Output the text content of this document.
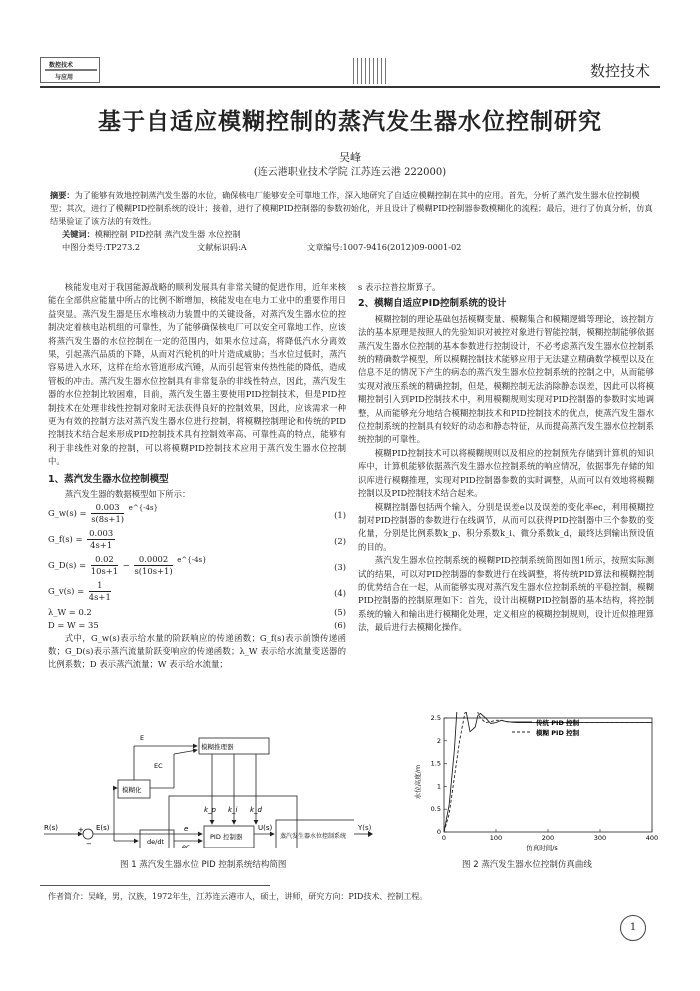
数控技术
与应用	数控技术
基于自适应模糊控制的蒸汽发生器水位控制研究
吴峰
(连云港职业技术学院 江苏连云港 222000)
摘要：为了能够有效地控制蒸汽发生器的水位，确保核电厂能够安全可靠地工作，深入地研究了自适应模糊控制在其中的应用。首先，分析了蒸汽发生器水位控制模型；其次，进行了模糊PID控制系统的设计；接着，进行了模糊PID控制器的参数初始化，并且设计了模糊PID控制器参数模糊化的流程；最后，进行了仿真分析，仿真结果验证了该方法的有效性。
关键词：模糊控制 PID控制 蒸汽发生器 水位控制
中图分类号:TP273.2	文献标识码:A	文章编号:1007-9416(2012)09-0001-02

核能发电对于我国能源战略的顺利发展具有非常关键的促进作用，近年来核能在全部供应能量中所占的比例不断增加，核能发电在电力工业中的重要作用日益突显。蒸汽发生器是压水堆核动力装置中的关键设备，对蒸汽发生器水位的控制决定着核电站机组的可靠性，为了能够确保核电厂可以安全可靠地工作，应该将蒸汽发生器的水位控制在一定的范围内，如果水位过高，将降低汽水分离效果，引起蒸汽品质的下降，从而对汽轮机的叶片造成威胁；当水位过低时，蒸汽容易进入水环，这样在给水管道形成汽锤，从而引起管束传热性能的降低，造成管板的冲击。蒸汽发生器水位控制具有非常复杂的非线性特点，因此，蒸汽发生器的水位控制比较困难，目前，蒸汽发生器主要使用PID控制技术，但是PID控制技术在处理非线性控制对象时无法获得良好的控制效果，因此，应该需求一种更为有效的控制方法对蒸汽发生器水位进行控制，将模糊控制理论和传统的PID控制技术结合起来形成PID控制技术具有控制效率高、可靠性高的特点，能够有利于非线性对象的控制，可以将模糊PID控制技术应用于蒸汽发生器水位控制中。

1、蒸汽发生器水位控制模型

蒸汽发生器的数据模型如下所示：

G_w(s) = $\frac{0.003}{s(8s+1)} ^{e\^{}\{-4s\}}$
(1)
G_f(s) = $\frac{0.003}{4s+1}$	(2)
G_D(s) = $\frac{0.02}{10s+1} - \frac{0.0002}{s(10s+1)} ^{e\^{}\{-4s\}}$
(3)
G_v(s) = $\frac{1}{4s+1}$	(4)
λ_W = 0.2	(5)
D = W = 35	(6)

式中，G_w(s)表示给水量的阶跃响应的传递函数；G_f(s)表示前馈传递函数；G_D(s)表示蒸汽流量阶跃变响应的传递函数；λ_W 表示给水流量变送器的比例系数；D 表示蒸汽流量；W 表示给水流量；

s 表示拉普拉斯算子。
2、模糊自适应PID控制系统的设计

模糊控制的理论基础包括模糊变量、模糊集合和模糊逻辑等理论，该控制方法的基本原理是按照人的先验知识对被控对象进行智能控制，模糊控制能够依据蒸汽发生器水位控制的基本参数进行控制设计，不必考虑蒸汽发生器水位控制系统的精确数学模型，所以模糊控制技术能够应用于无法建立精确数学模型以及在信息不足的情况下产生的病态的蒸汽发生器水位控制系统的控制之中，从而能够实现对液压系统的精确控制，但是，模糊控制无法消除静态误差，因此可以将模糊控制引入到PID控制技术中，利用模糊规则实现对PID控制器的参数时实地调整，从而能够充分地结合模糊控制技术和PID控制技术的优点，使蒸汽发生器水位控制系统的控制具有较好的动态和静态特征，从而提高蒸汽发生器水位控制系统控制的可靠性。

模糊PID控制技术可以将模糊规则以及相应的控制预先存储到计算机的知识库中，计算机能够依据蒸汽发生器水位控制系统的响应情况，依据事先存储的知识库进行模糊推理，实现对PID控制器参数的实时调整，从而可以有效地将模糊控制以及PID控制技术结合起来。

模糊控制器包括两个输入，分别是误差e以及误差的变化率ec，利用模糊控制对PID控制器的参数进行在线调节，从而可以获得PID控制器中三个参数的变化量，分别是比例系数k_p、积分系数k_i、微分系数k_d，最终达到输出预设值的目的。

蒸汽发生器水位控制系统的模糊PID控制系统简图如图1所示，按照实际测试的结果，可以对PID控制器的参数进行在线调整，将传统PID算法和模糊控制的优势结合在一起，从而能够实现对蒸汽发生器水位控制系统的平稳控制，模糊PID控制器的控制原理如下：首先，设计出模糊PID控制器的基本结构，将控制系统的输入和输出进行模糊化处理，定义相应的模糊控制规则，设计近似推理算法，最后进行去模糊化操作。

模糊推理器
E
EC
模糊化
k_p k_i k_d
R(s)	E(s)	e	U(s)
PID 控制器	蒸汽发生器水位控制系统
de/dt
ec
+
−
Y(s)
图 1 蒸汽发生器水位 PID 控制系统结构简图
0	100	200	300	400
0
0.5
1
1.5
2
2.5
传统 PID 控制
模糊 PID 控制
水位高度/m
仿真时间/s
图 2 蒸汽发生器水位控制仿真曲线
作者简介：吴峰，男，汉族，1972年生，江苏连云港市人，硕士，讲师，研究方向：PID技术、控制工程。
1
